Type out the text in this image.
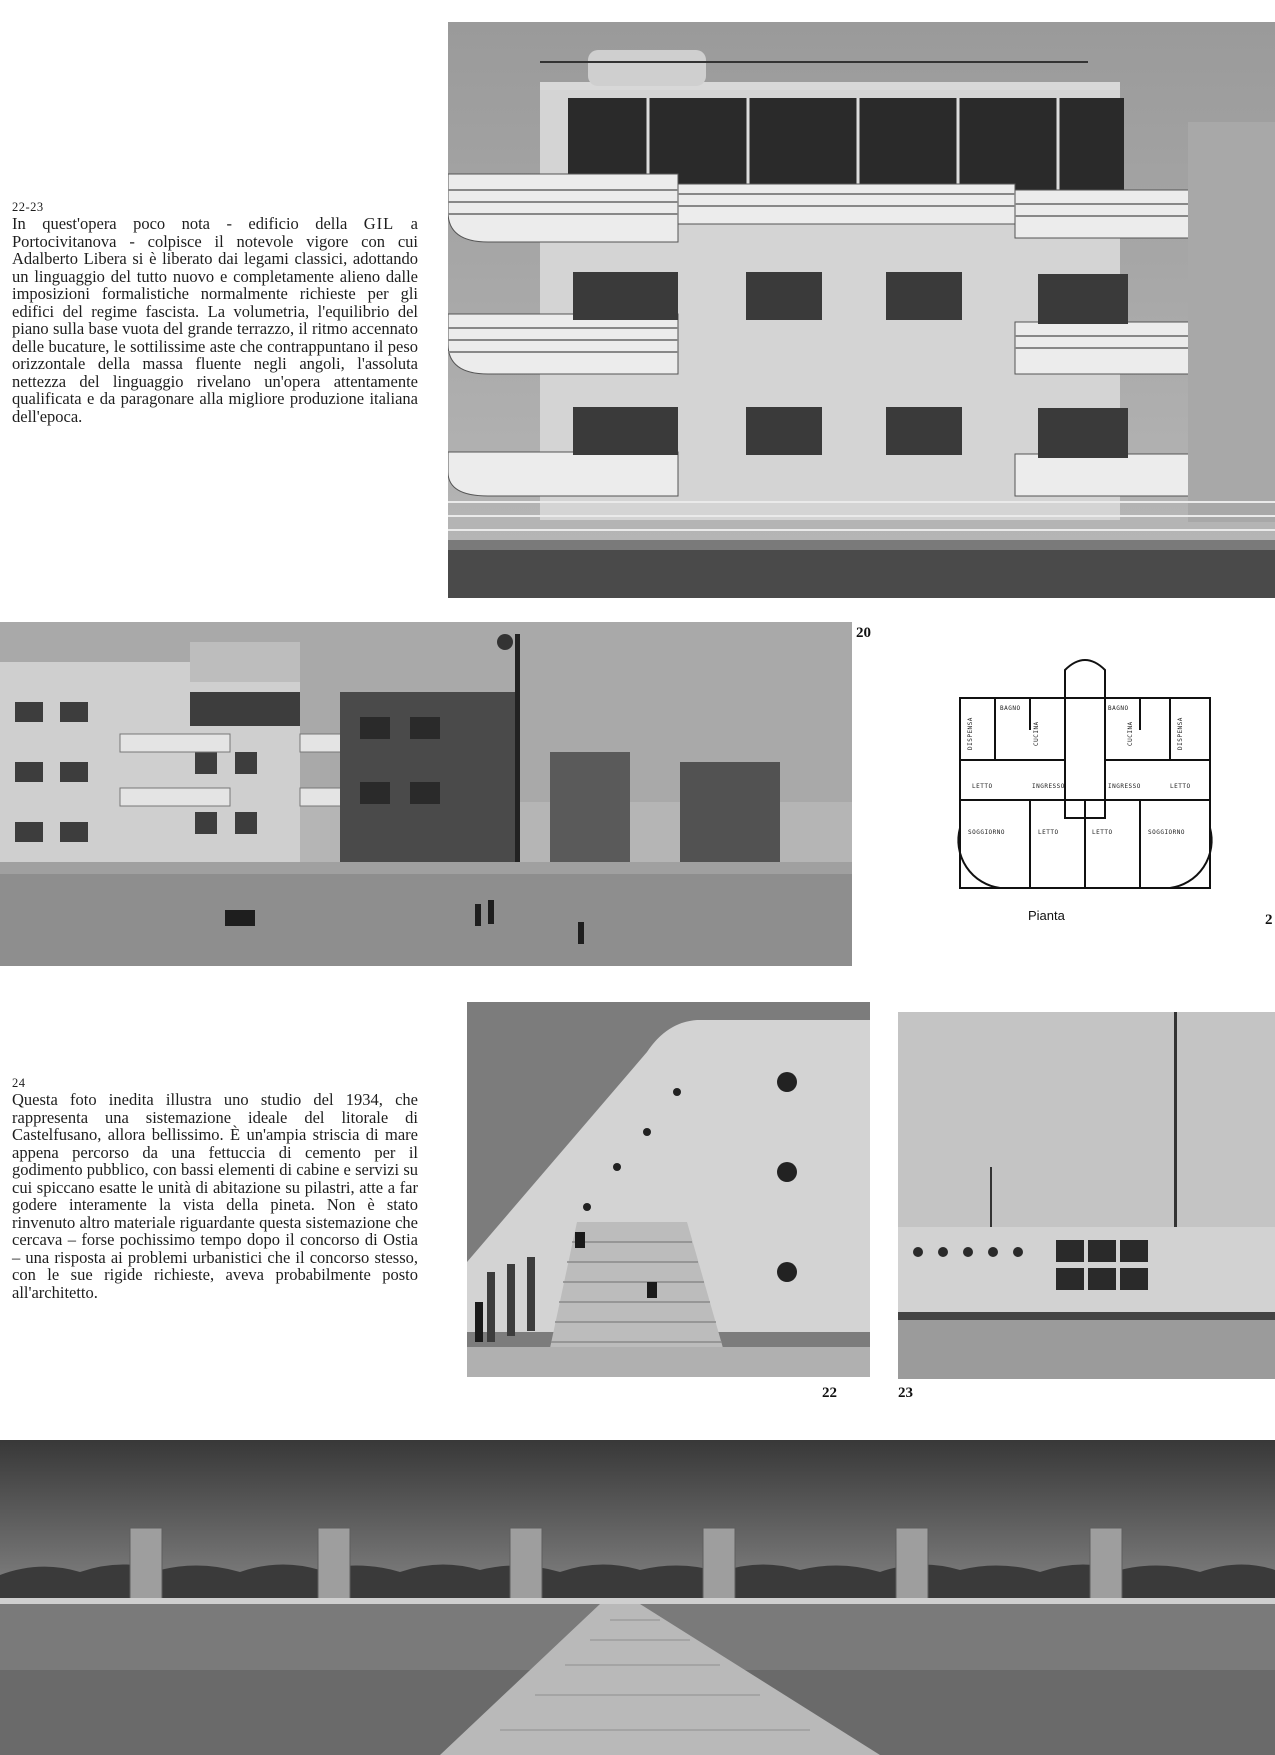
22-23
In quest'opera poco nota - edificio della GIL a Portocivitanova - colpisce il notevole vigore con cui Adalberto Libera si è liberato dai legami classici, adottando un linguaggio del tutto nuovo e completamente alieno dalle imposizioni formalistiche normalmente richieste per gli edifici del regime fascista. La volumetria, l'equilibrio del piano sulla base vuota del grande terrazzo, il ritmo accennato delle bucature, le sottilissime aste che contrappuntano il peso orizzontale della massa fluente negli angoli, l'assoluta nettezza del linguaggio rivelano un'opera attentamente qualificata e da paragonare alla migliore produzione italiana dell'epoca.
20
DISPENSA	DISPENSA
BAGNO	BAGNO
CUCINA	CUCINA
LETTO	LETTO
INGRESSO	INGRESSO
SOGGIORNO	LETTO	LETTO	SOGGIORNO
Pianta	2
24
Questa foto inedita illustra uno studio del 1934, che rappresenta una sistemazione ideale del litorale di Castelfusano, allora bellissimo. È un'ampia striscia di mare appena percorso da una fettuccia di cemento per il godimento pubblico, con bassi elementi di cabine e servizi su cui spiccano esatte le unità di abitazione su pilastri, atte a far godere interamente la vista della pineta. Non è stato rinvenuto altro materiale riguardante questa sistemazione che cercava – forse pochissimo tempo dopo il concorso di Ostia – una risposta ai problemi urbanistici che il concorso stesso, con le sue rigide richieste, aveva probabilmente posto all'architetto.
22	23
